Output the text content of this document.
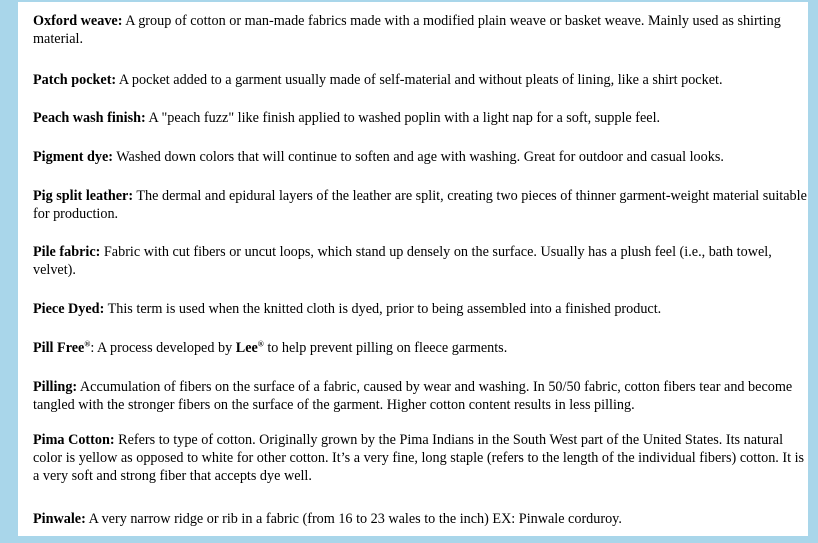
Oxford weave: A group of cotton or man-made fabrics made with a modified plain weave or basket weave. Mainly used as shirting material.

Patch pocket: A pocket added to a garment usually made of self-material and without pleats of lining, like a shirt pocket.

Peach wash finish: A "peach fuzz" like finish applied to washed poplin with a light nap for a soft, supple feel.

Pigment dye: Washed down colors that will continue to soften and age with washing. Great for outdoor and casual looks.

Pig split leather: The dermal and epidural layers of the leather are split, creating two pieces of thinner garment-weight material suitable for production.

Pile fabric: Fabric with cut fibers or uncut loops, which stand up densely on the surface. Usually has a plush feel (i.e., bath towel, velvet).

Piece Dyed: This term is used when the knitted cloth is dyed, prior to being assembled into a finished product.

Pill Free®: A process developed by Lee® to help prevent pilling on fleece garments.

Pilling: Accumulation of fibers on the surface of a fabric, caused by wear and washing. In 50/50 fabric, cotton fibers tear and become tangled with the stronger fibers on the surface of the garment. Higher cotton content results in less pilling.

Pima Cotton: Refers to type of cotton. Originally grown by the Pima Indians in the South West part of the United States. Its natural color is yellow as opposed to white for other cotton. It’s a very fine, long staple (refers to the length of the individual fibers) cotton. It is a very soft and strong fiber that accepts dye well.

Pinwale: A very narrow ridge or rib in a fabric (from 16 to 23 wales to the inch) EX: Pinwale corduroy.
